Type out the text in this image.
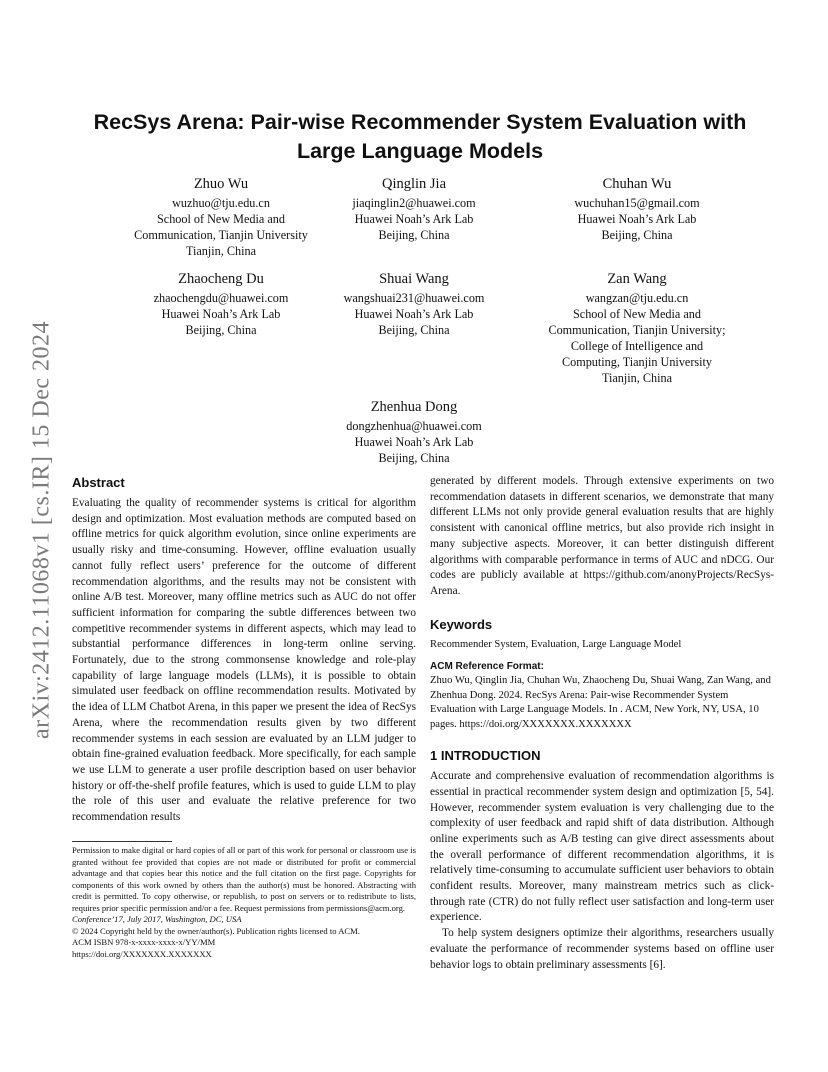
arXiv:2412.11068v1 [cs.IR] 15 Dec 2024
RecSys Arena: Pair-wise Recommender System Evaluation with
Large Language Models
Zhuo Wu
wuzhuo@tju.edu.cn
School of New Media and
Communication, Tianjin University
Tianjin, China
Qinglin Jia
jiaqinglin2@huawei.com
Huawei Noah’s Ark Lab
Beijing, China
Chuhan Wu
wuchuhan15@gmail.com
Huawei Noah’s Ark Lab
Beijing, China
Zhaocheng Du
zhaochengdu@huawei.com
Huawei Noah’s Ark Lab
Beijing, China
Shuai Wang
wangshuai231@huawei.com
Huawei Noah’s Ark Lab
Beijing, China
Zan Wang
wangzan@tju.edu.cn
School of New Media and
Communication, Tianjin University;
College of Intelligence and
Computing, Tianjin University
Tianjin, China
Zhenhua Dong
dongzhenhua@huawei.com
Huawei Noah’s Ark Lab
Beijing, China
Abstract

Evaluating the quality of recommender systems is critical for algorithm design and optimization. Most evaluation methods are computed based on offline metrics for quick algorithm evolution, since online experiments are usually risky and time-consuming. However, offline evaluation usually cannot fully reflect users’ preference for the outcome of different recommendation algorithms, and the results may not be consistent with online A/B test. Moreover, many offline metrics such as AUC do not offer sufficient information for comparing the subtle differences between two competitive recommender systems in different aspects, which may lead to substantial performance differences in long-term online serving. Fortunately, due to the strong commonsense knowledge and role-play capability of large language models (LLMs), it is possible to obtain simulated user feedback on offline recommendation results. Motivated by the idea of LLM Chatbot Arena, in this paper we present the idea of RecSys Arena, where the recommendation results given by two different recommender systems in each session are evaluated by an LLM judger to obtain fine-grained evaluation feedback. More specifically, for each sample we use LLM to generate a user profile description based on user behavior history or off-the-shelf profile features, which is used to guide LLM to play the role of this user and evaluate the relative preference for two recommendation results

generated by different models. Through extensive experiments on two recommendation datasets in different scenarios, we demonstrate that many different LLMs not only provide general evaluation results that are highly consistent with canonical offline metrics, but also provide rich insight in many subjective aspects. Moreover, it can better distinguish different algorithms with comparable performance in terms of AUC and nDCG. Our codes are publicly available at https://github.com/anonyProjects/RecSys-Arena.

Keywords

Recommender System, Evaluation, Large Language Model

ACM Reference Format:

Zhuo Wu, Qinglin Jia, Chuhan Wu, Zhaocheng Du, Shuai Wang, Zan Wang, and Zhenhua Dong. 2024. RecSys Arena: Pair-wise Recommender System Evaluation with Large Language Models. In . ACM, New York, NY, USA, 10 pages. https://doi.org/XXXXXXX.XXXXXXX

1 INTRODUCTION

Accurate and comprehensive evaluation of recommendation algorithms is essential in practical recommender system design and optimization [5, 54]. However, recommender system evaluation is very challenging due to the complexity of user feedback and rapid shift of data distribution. Although online experiments such as A/B testing can give direct assessments about the overall performance of different recommendation algorithms, it is relatively time-consuming to accumulate sufficient user behaviors to obtain confident results. Moreover, many mainstream metrics such as click-through rate (CTR) do not fully reflect user satisfaction and long-term user experience.

To help system designers optimize their algorithms, researchers usually evaluate the performance of recommender systems based on offline user behavior logs to obtain preliminary assessments [6].

Permission to make digital or hard copies of all or part of this work for personal or classroom use is granted without fee provided that copies are not made or distributed for profit or commercial advantage and that copies bear this notice and the full citation on the first page. Copyrights for components of this work owned by others than the author(s) must be honored. Abstracting with credit is permitted. To copy otherwise, or republish, to post on servers or to redistribute to lists, requires prior specific permission and/or a fee. Request permissions from permissions@acm.org.

Conference’17, July 2017, Washington, DC, USA

© 2024 Copyright held by the owner/author(s). Publication rights licensed to ACM.

ACM ISBN 978-x-xxxx-xxxx-x/YY/MM

https://doi.org/XXXXXXX.XXXXXXX
